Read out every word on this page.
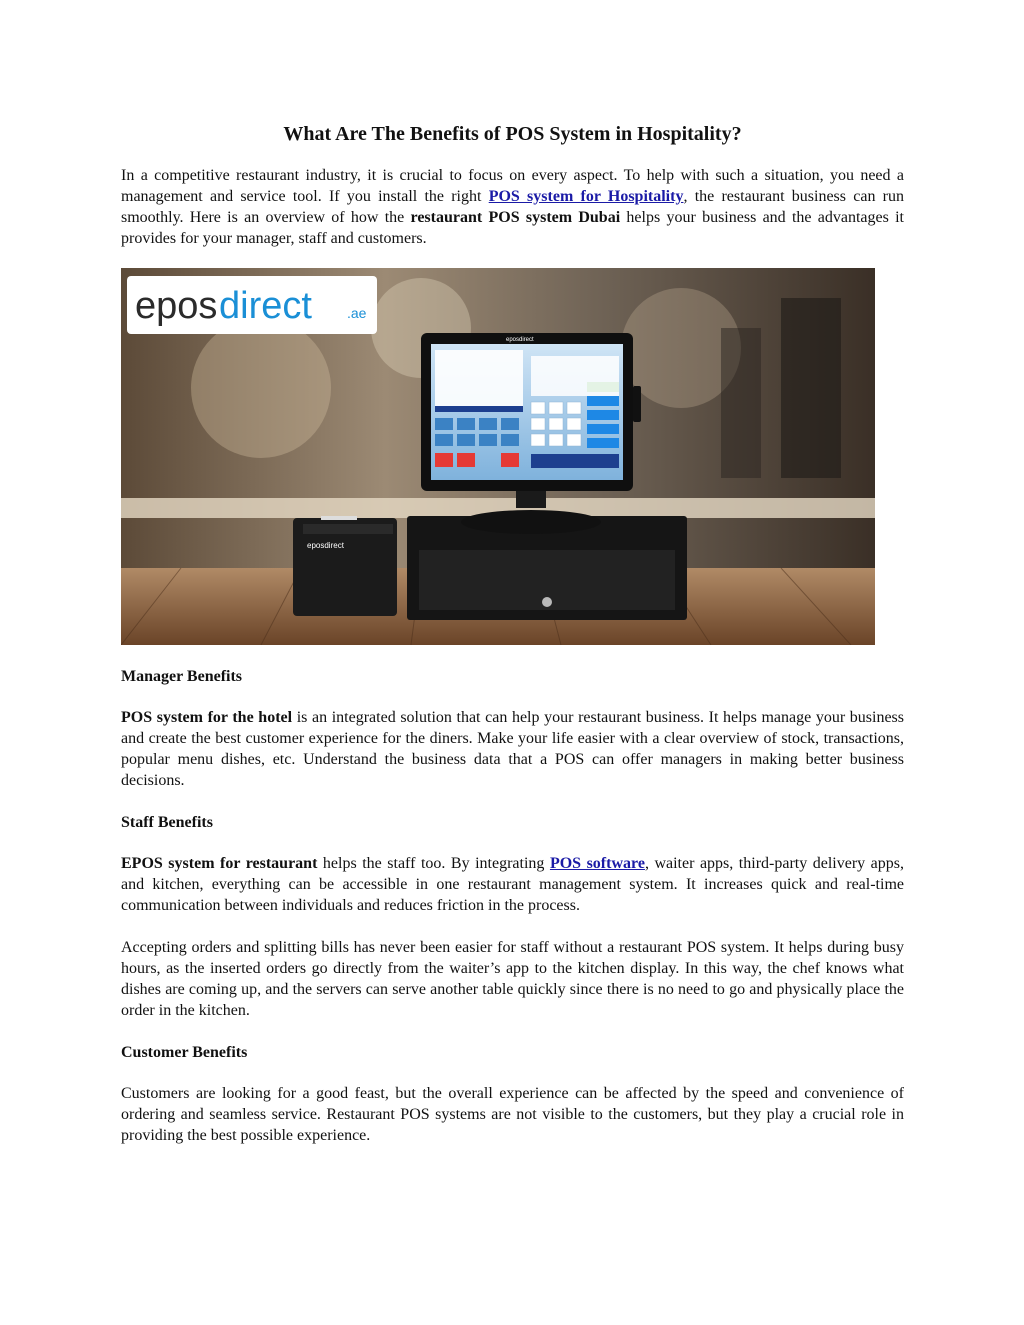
What Are The Benefits of POS System in Hospitality?

In a competitive restaurant industry, it is crucial to focus on every aspect. To help with such a situation, you need a management and service tool. If you install the right POS system for Hospitality, the restaurant business can run smoothly. Here is an overview of how the restaurant POS system Dubai helps your business and the advantages it provides for your manager, staff and customers.

epos direct	.ae
eposdirect
eposdirect

Manager Benefits

POS system for the hotel is an integrated solution that can help your restaurant business. It helps manage your business and create the best customer experience for the diners. Make your life easier with a clear overview of stock, transactions, popular menu dishes, etc. Understand the business data that a POS can offer managers in making better business decisions.

Staff Benefits

EPOS system for restaurant helps the staff too. By integrating POS software, waiter apps, third-party delivery apps, and kitchen, everything can be accessible in one restaurant management system. It increases quick and real-time communication between individuals and reduces friction in the process.

Accepting orders and splitting bills has never been easier for staff without a restaurant POS system. It helps during busy hours, as the inserted orders go directly from the waiter’s app to the kitchen display. In this way, the chef knows what dishes are coming up, and the servers can serve another table quickly since there is no need to go and physically place the order in the kitchen.

Customer Benefits

Customers are looking for a good feast, but the overall experience can be affected by the speed and convenience of ordering and seamless service. Restaurant POS systems are not visible to the customers, but they play a crucial role in providing the best possible experience.
